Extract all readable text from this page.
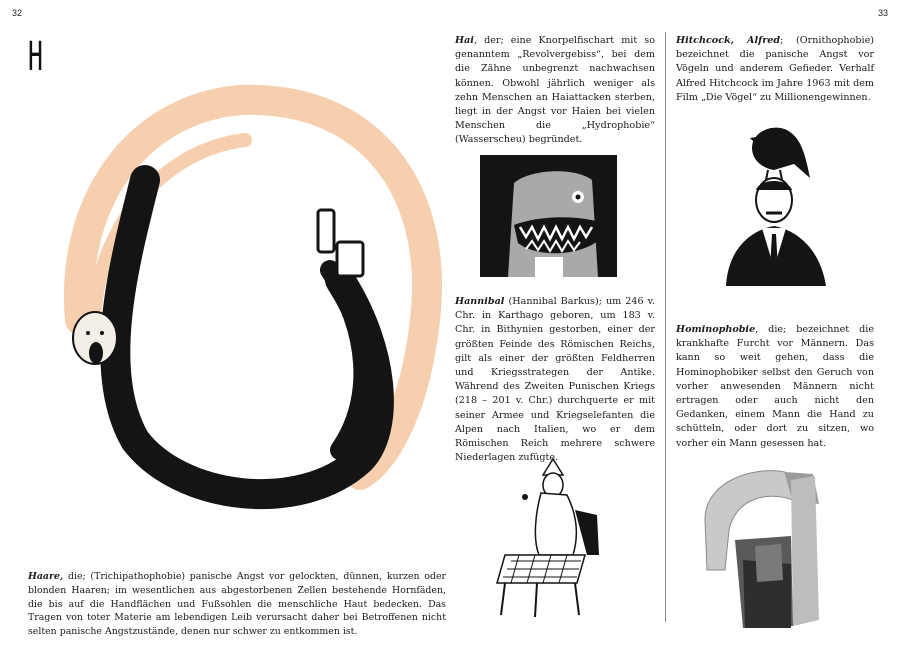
32	33
H
Haare, die; (Trichipathophobie) panische Angst vor gelockten, dünnen, kurzen oder blonden Haaren; im wesentlichen aus abgestorbenen Zellen bestehende Hornfäden, die bis auf die Handflächen und Fußsohlen die menschliche Haut bedecken. Das Tragen von toter Materie am lebendigen Leib verursacht daher bei Betroffenen nicht selten panische Angstzustände, denen nur schwer zu entkommen ist.
Hai, der; eine Knorpelfischart mit so genanntem „Revolvergebiss“, bei dem die Zähne unbegrenzt nachwachsen können. Obwohl jährlich weniger als zehn Menschen an Haiattacken sterben, liegt in der Angst vor Haien bei vielen Menschen die „Hydrophobie“ (Wasserscheu) begründet.
Hannibal (Hannibal Barkus); um 246 v. Chr. in Karthago geboren, um 183 v. Chr. in Bithynien gestorben, einer der größten Feinde des Römischen Reichs, gilt als einer der größten Feldherren und Kriegsstrategen der Antike. Während des Zweiten Punischen Kriegs (218 – 201 v. Chr.) durchquerte er mit seiner Armee und Kriegselefanten die Alpen nach Italien, wo er dem Römischen Reich mehrere schwere Niederlagen zufügte.
Hitchcock, Alfred; (Ornithophobie) bezeichnet die panische Angst vor Vögeln und anderem Gefieder. Verhalf Alfred Hitchcock im Jahre 1963 mit dem Film „Die Vögel“ zu Millionengewinnen.
Hominophobie, die; bezeichnet die krankhafte Furcht vor Männern. Das kann so weit gehen, dass die Hominophobiker selbst den Geruch von vorher anwesenden Männern nicht ertragen oder auch nicht den Gedanken, einem Mann die Hand zu schütteln, oder dort zu sitzen, wo vorher ein Mann gesessen hat.
